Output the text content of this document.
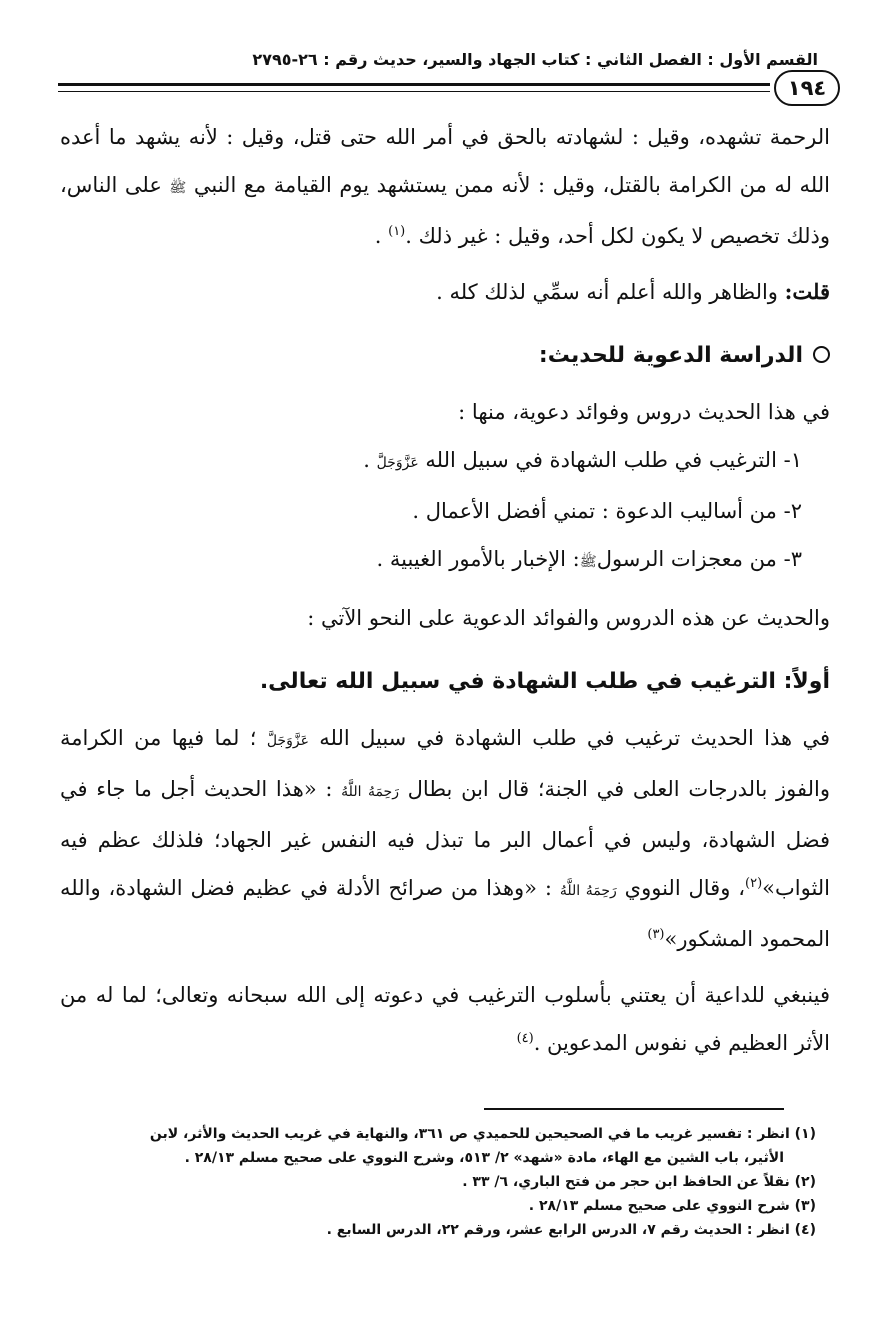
القسم الأول : الفصل الثاني : كتاب الجهاد والسير، حديث رقم : ٢٦-٢٧٩٥
١٩٤

الرحمة تشهده، وقيل : لشهادته بالحق في أمر الله حتى قتل، وقيل : لأنه يشهد ما أعده الله له من الكرامة بالقتل، وقيل : لأنه ممن يستشهد يوم القيامة مع النبي ﷺ على الناس، وذلك تخصيص لا يكون لكل أحد، وقيل : غير ذلك .$^{(١)}$ .

قلت: والظاهر والله أعلم أنه سمِّي لذلك كله .

الدراسة الدعوية للحديث:

في هذا الحديث دروس وفوائد دعوية، منها :

١- الترغيب في طلب الشهادة في سبيل الله عَزَّوَجَلَّ .

٢- من أساليب الدعوة : تمني أفضل الأعمال .

٣- من معجزات الرسولﷺ: الإخبار بالأمور الغيبية .

والحديث عن هذه الدروس والفوائد الدعوية على النحو الآتي :

أولاً: الترغيب في طلب الشهادة في سبيل الله تعالى.

في هذا الحديث ترغيب في طلب الشهادة في سبيل الله عَزَّوَجَلَّ ؛ لما فيها من الكرامة والفوز بالدرجات العلى في الجنة؛ قال ابن بطال رَحِمَهُ اللَّهُ : «هذا الحديث أجل ما جاء في فضل الشهادة، وليس في أعمال البر ما تبذل فيه النفس غير الجهاد؛ فلذلك عظم فيه الثواب»$^{(٢)}$، وقال النووي رَحِمَهُ اللَّهُ : «وهذا من صرائح الأدلة في عظيم فضل الشهادة، والله المحمود المشكور»$^{(٣)}$

فينبغي للداعية أن يعتني بأسلوب الترغيب في دعوته إلى الله سبحانه وتعالى؛ لما له من الأثر العظيم في نفوس المدعوين .$^{(٤)}$

(١) انظر : تفسير غريب ما في الصحيحين للحميدي ص ٣٦١، والنهاية في غريب الحديث والأثر، لابن

الأثير، باب الشين مع الهاء، مادة «شهد» ٢/ ٥١٣، وشرح النووي على صحيح مسلم ٢٨/١٣ .

(٢) نقلاً عن الحافظ ابن حجر من فتح الباري، ٦/ ٣٣ .

(٣) شرح النووي على صحيح مسلم ٢٨/١٣ .

(٤) انظر : الحديث رقم ٧، الدرس الرابع عشر، ورقم ٢٢، الدرس السابع .
